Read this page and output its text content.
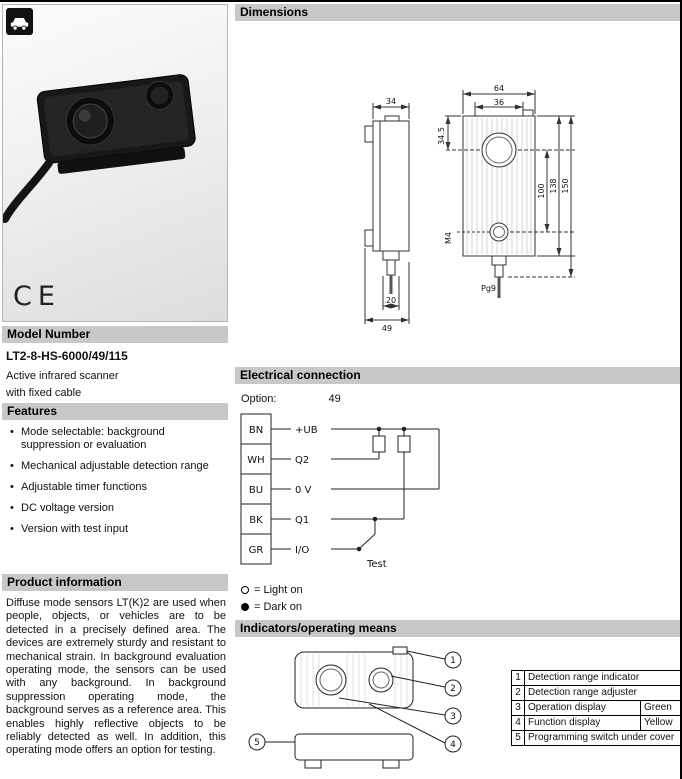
CE
Model Number
LT2-8-HS-6000/49/115
Active infrared scanner
with fixed cable
Features
• Mode selectable: background suppression or evaluation
• Mechanical adjustable detection range
• Adjustable timer functions
• DC voltage version
• Version with test input
Product information
Diffuse mode sensors LT(K)2 are used when people, objects, or vehicles are to be detected in a precisely defined area. The devices are extremely sturdy and resistant to mechanical strain. In background evaluation operating mode, the sensors can be used with any background. In background suppression operating mode, the background serves as a reference area. This enables highly reflective objects to be reliably detected as well. In addition, this operating mode offers an option for testing.
Dimensions
34
20
49
64
36
34.5
100 138 150
M4
Pg9
Electrical connection
Option:	49
BN
WH
BU
BK
GR
+UB
Q2
0 V
Q1
I/O
Test
= Light on
= Dark on
Indicators/operating means
1
2
3
4
5
1	Detection range indicator	
2	Detection range adjuster	
3	Operation display	Green
4	Function display	Yellow
5	Programming switch under cover	
